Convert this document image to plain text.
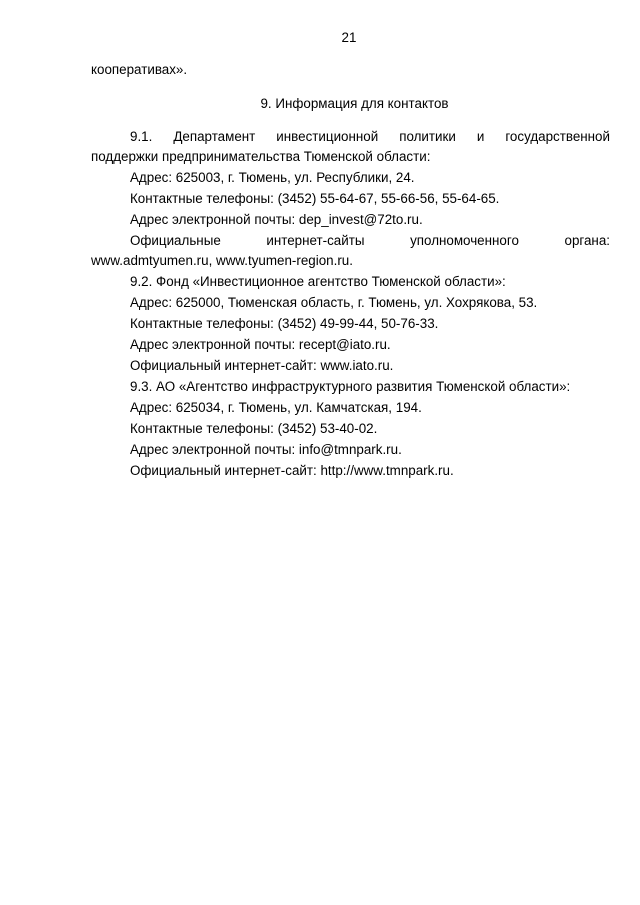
21
кооперативах».
9. Информация для контактов
9.1. Департамент инвестиционной политики и государственной
поддержки предпринимательства Тюменской области:
Адрес: 625003, г. Тюмень, ул. Республики, 24.
Контактные телефоны: (3452) 55-64-67, 55-66-56, 55-64-65.
Адрес электронной почты: dep_invest@72to.ru.
Официальные интернет-сайты уполномоченного органа:
www.admtyumen.ru, www.tyumen-region.ru.
9.2. Фонд «Инвестиционное агентство Тюменской области»:
Адрес: 625000, Тюменская область, г. Тюмень, ул. Хохрякова, 53.
Контактные телефоны: (3452) 49-99-44, 50-76-33.
Адрес электронной почты: recept@iato.ru.
Официальный интернет-сайт: www.iato.ru.
9.3. АО «Агентство инфраструктурного развития Тюменской области»:
Адрес: 625034, г. Тюмень, ул. Камчатская, 194.
Контактные телефоны: (3452) 53-40-02.
Адрес электронной почты: info@tmnpark.ru.
Официальный интернет-сайт: http://www.tmnpark.ru.
